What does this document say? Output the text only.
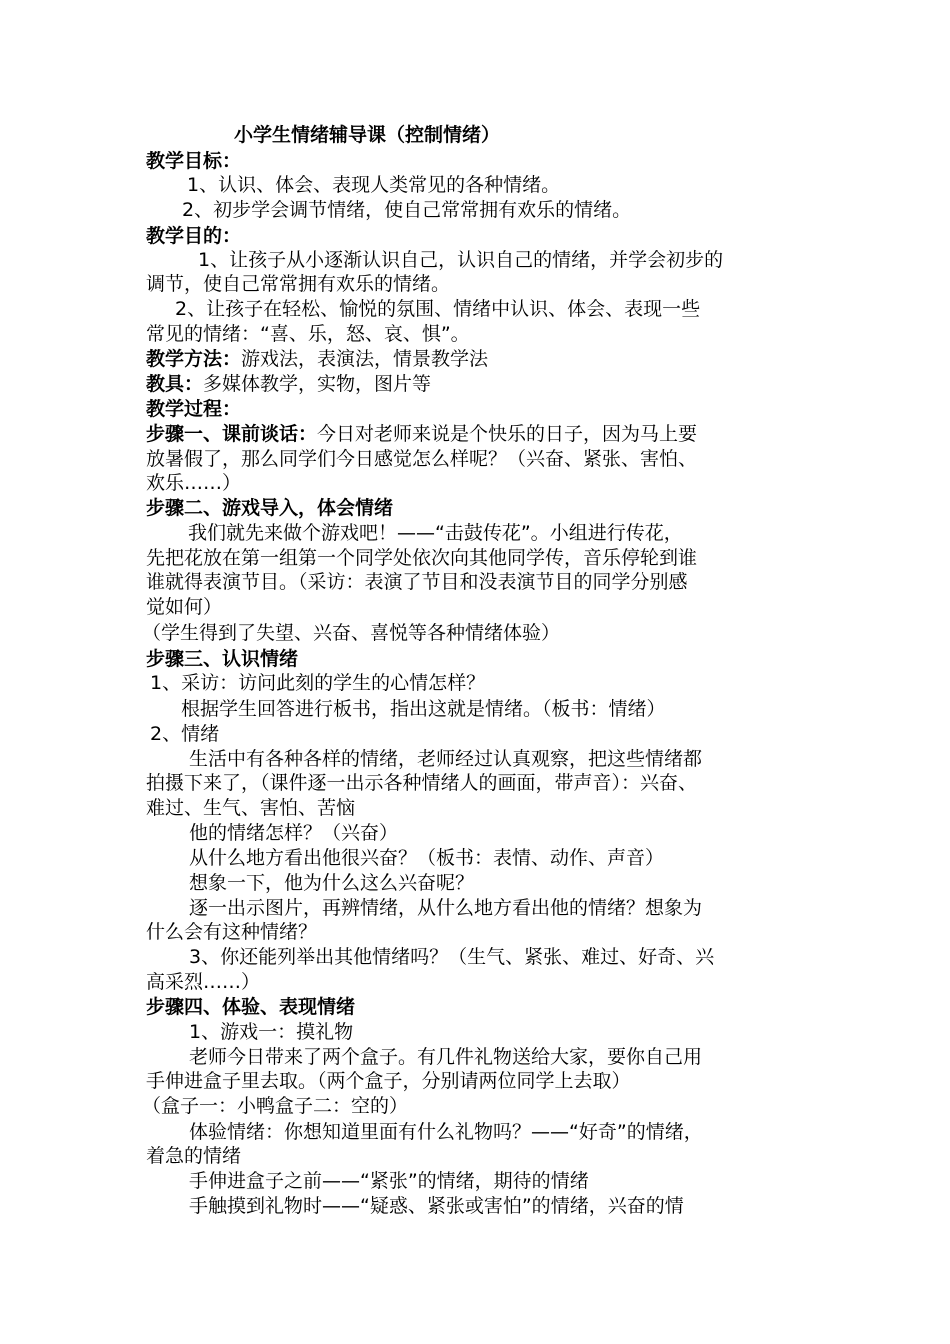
小学生情绪辅导课（控制情绪）
教学目标：
1、认识、体会、表现人类常见的各种情绪。
2、初步学会调节情绪，使自己常常拥有欢乐的情绪。
教学目的：
1、让孩子从小逐渐认识自己，认识自己的情绪，并学会初步的
调节，使自己常常拥有欢乐的情绪。
2、让孩子在轻松、愉悦的氛围、情绪中认识、体会、表现一些
常见的情绪：“喜、乐，怒、哀、惧”。
教学方法：游戏法，表演法，情景教学法
教具：多媒体教学，实物，图片等
教学过程：
步骤一、课前谈话：今日对老师来说是个快乐的日子，因为马上要
放暑假了，那么同学们今日感觉怎么样呢？（兴奋、紧张、害怕、
欢乐……）
步骤二、游戏导入，体会情绪
我们就先来做个游戏吧！——“击鼓传花”。小组进行传花，
先把花放在第一组第一个同学处依次向其他同学传，音乐停轮到谁
谁就得表演节目。（采访：表演了节目和没表演节目的同学分别感
觉如何）
（学生得到了失望、兴奋、喜悦等各种情绪体验）
步骤三、认识情绪
1、采访：访问此刻的学生的心情怎样？
根据学生回答进行板书，指出这就是情绪。（板书：情绪）
2、情绪
生活中有各种各样的情绪，老师经过认真观察，把这些情绪都
拍摄下来了，（课件逐一出示各种情绪人的画面，带声音）：兴奋、
难过、生气、害怕、苦恼
他的情绪怎样？（兴奋）
从什么地方看出他很兴奋？（板书：表情、动作、声音）
想象一下，他为什么这么兴奋呢？
逐一出示图片，再辨情绪，从什么地方看出他的情绪？想象为
什么会有这种情绪？
3、你还能列举出其他情绪吗？（生气、紧张、难过、好奇、兴
高采烈……）
步骤四、体验、表现情绪
1、游戏一：摸礼物
老师今日带来了两个盒子。有几件礼物送给大家，要你自己用
手伸进盒子里去取。（两个盒子，分别请两位同学上去取）
（盒子一：小鸭盒子二：空的）
体验情绪：你想知道里面有什么礼物吗？——“好奇”的情绪，
着急的情绪
手伸进盒子之前——“紧张”的情绪，期待的情绪
手触摸到礼物时——“疑惑、紧张或害怕”的情绪，兴奋的情
